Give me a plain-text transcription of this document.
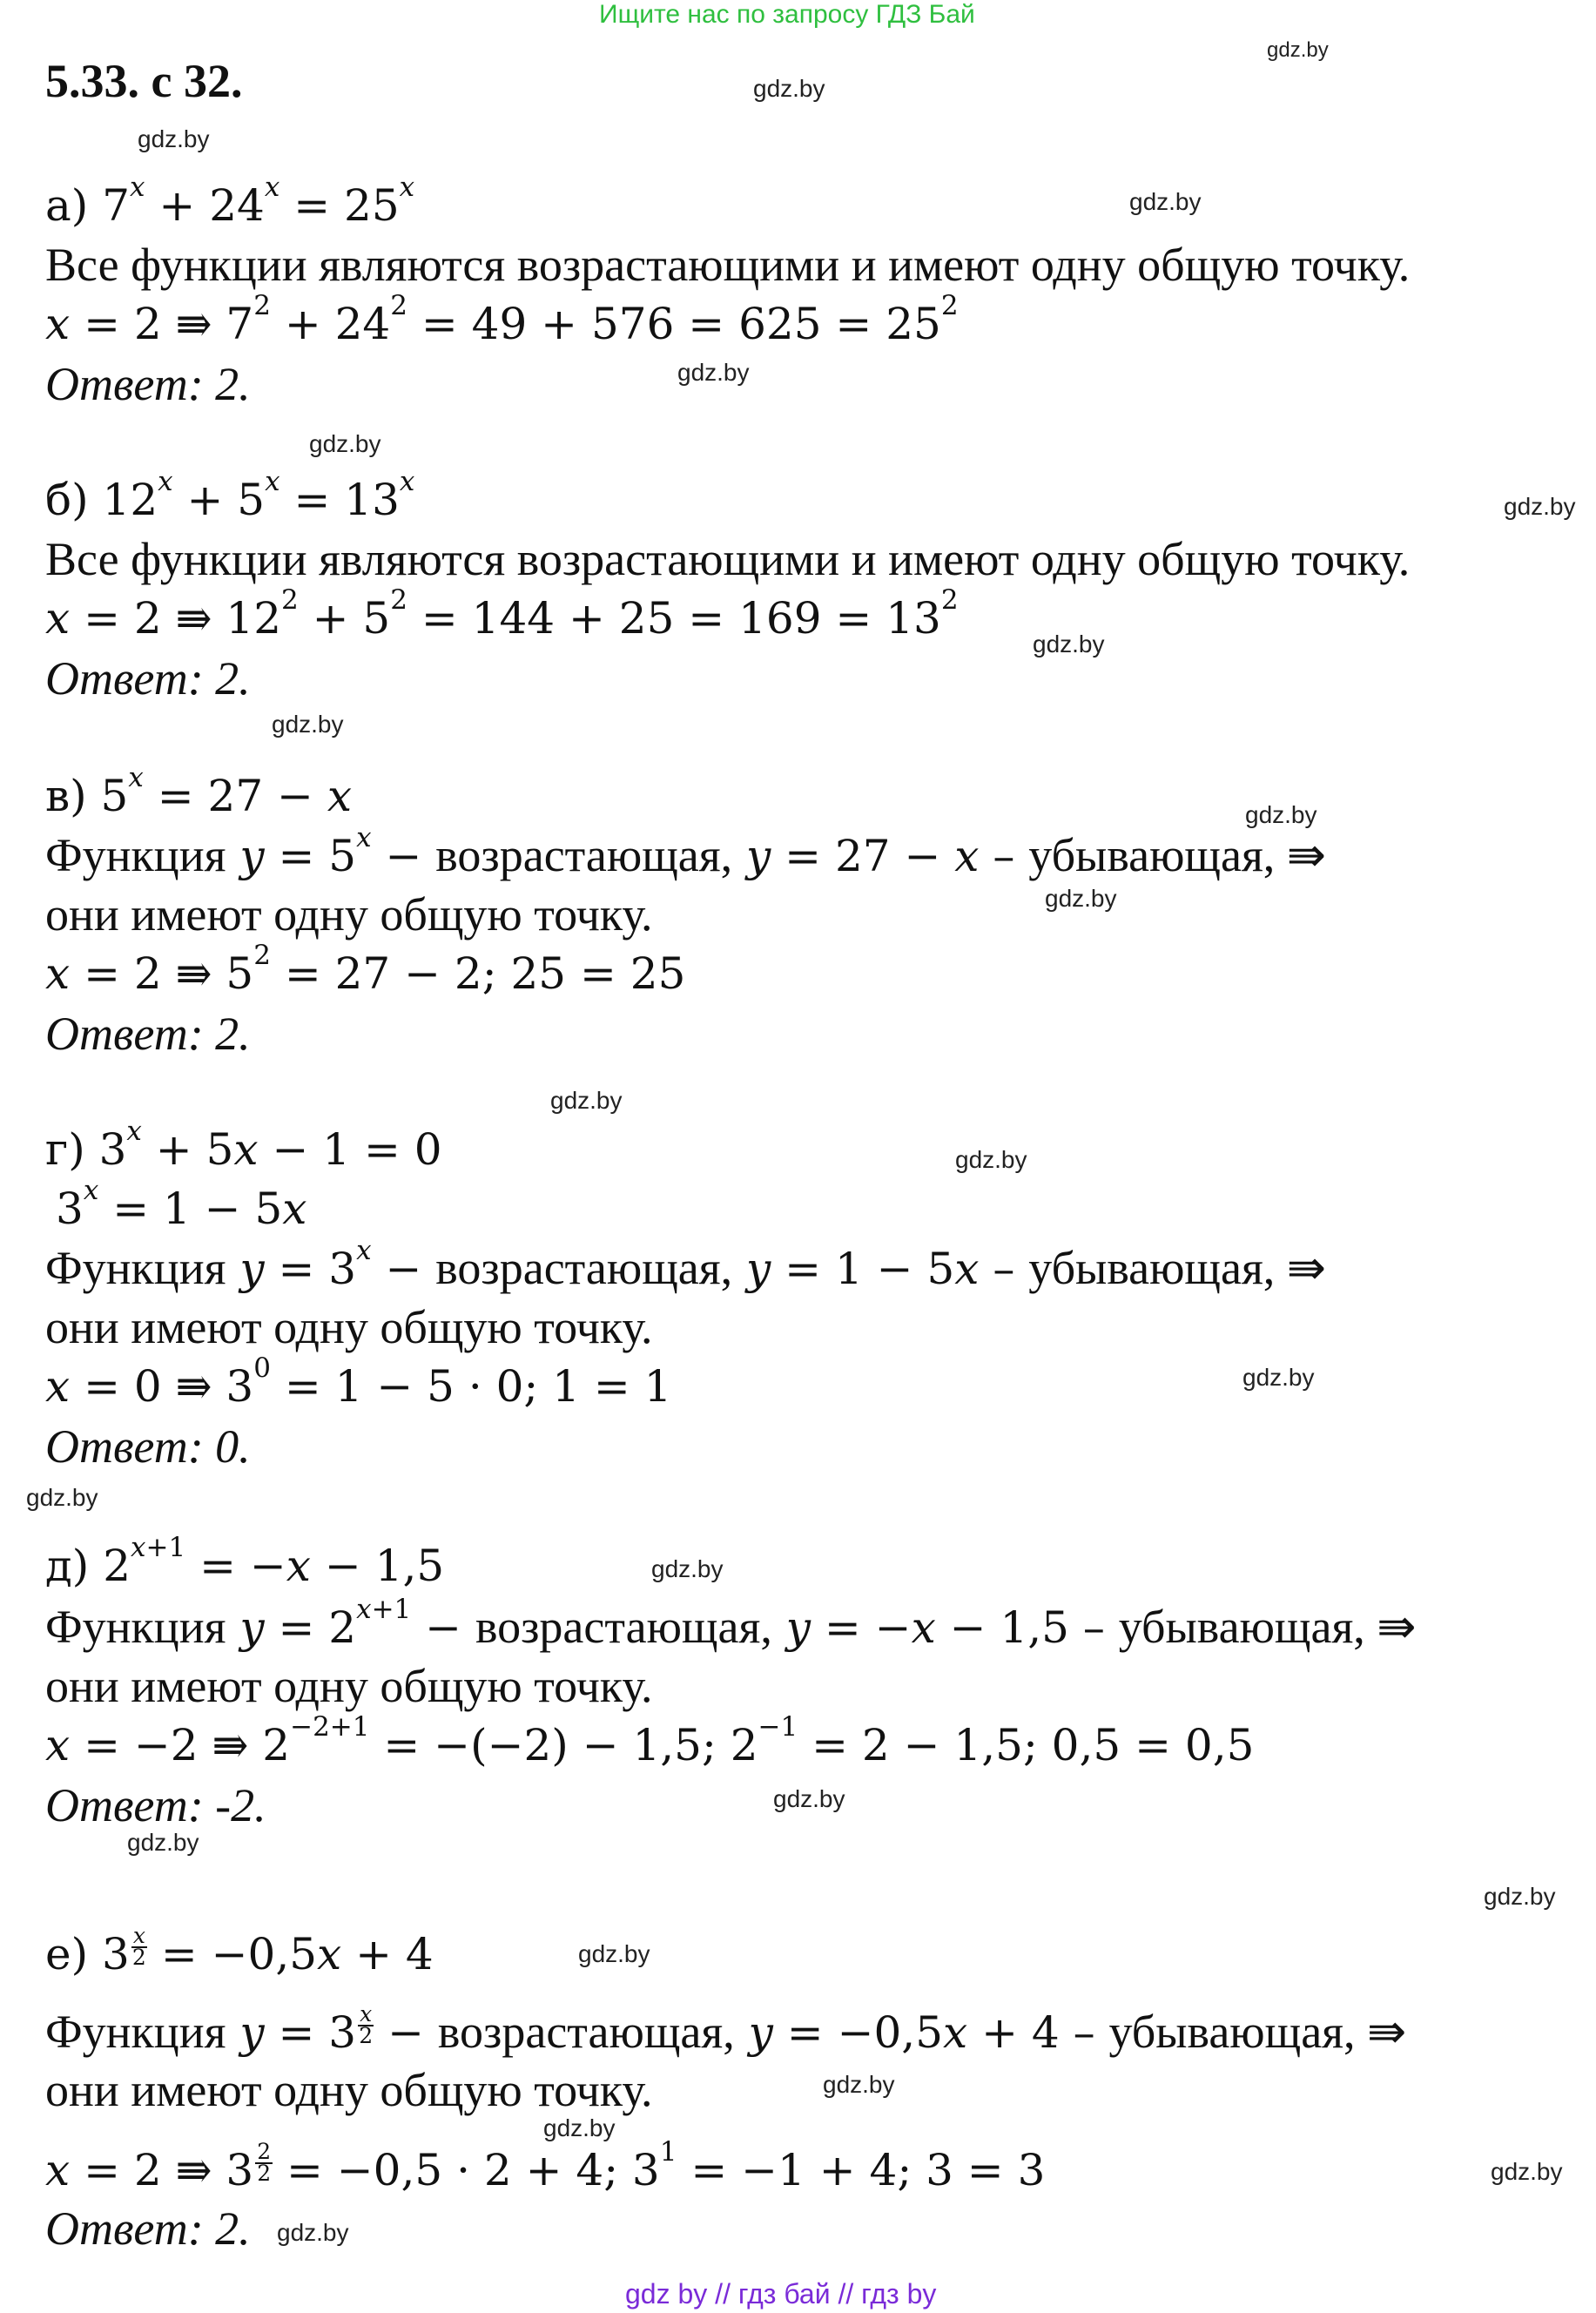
Ищите нас по запросу ГДЗ Бай
5.33. с 32.
gdz.by
gdz.by
gdz.by
gdz.by
gdz.by
gdz.by
gdz.by
gdz.by
gdz.by
gdz.by
gdz.by
gdz.by
gdz.by
gdz.by
gdz.by
gdz.by
gdz.by
gdz.by
gdz.by
gdz.by
gdz.by
gdz.by
gdz.by
gdz.by
а) $7^x + 24^x = 25^x$
Все функции являются возрастающими и имеют одну общую точку.
x = 2 ⇛ $7^2 + 24^2 = 49 + 576 = 625 = 25^2$
Ответ: 2.
б) $12^x + 5^x = 13^x$
Все функции являются возрастающими и имеют одну общую точку.
x = 2 ⇛ $12^2 + 5^2 = 144 + 25 = 169 = 13^2$
Ответ: 2.
в) $5^x = 27 - x$
Функция $y = 5^x$ − возрастающая, y = 27 − x – убывающая, ⇛
они имеют одну общую точку.
x = 2 ⇛ $5^2 = 27 - 2$; 25 = 25
Ответ: 2.
г) $3^x + 5x - 1 = 0$
$3^x = 1 - 5x$
Функция $y = 3^x$ − возрастающая, y = 1 − 5x – убывающая, ⇛
они имеют одну общую точку.
x = 0 ⇛ $3^0 = 1 - 5 \cdot 0$; 1 = 1
Ответ: 0.
д) $2^{x+1} = -x - 1,5$
Функция $y = 2^{x+1}$ − возрастающая, y = −x − 1,5 – убывающая, ⇛
они имеют одну общую точку.
x = −2 ⇛ $2^{-2+1} = -(-2) - 1,5$; $2^{-1} = 2 - 1,5$; 0,5 = 0,5
Ответ: -2.
е) $3 \frac{x}{2} = -0,5x + 4$
Функция $y = 3 \frac{x}{2}$ − возрастающая, y = −0,5x + 4 – убывающая, ⇛
они имеют одну общую точку.
x = 2 ⇛ $3 \frac{2}{2} = -0,5 \cdot 2 + 4$; $3^1 = -1 + 4$; 3 = 3
Ответ: 2.
gdz by // гдз бай // гдз by
